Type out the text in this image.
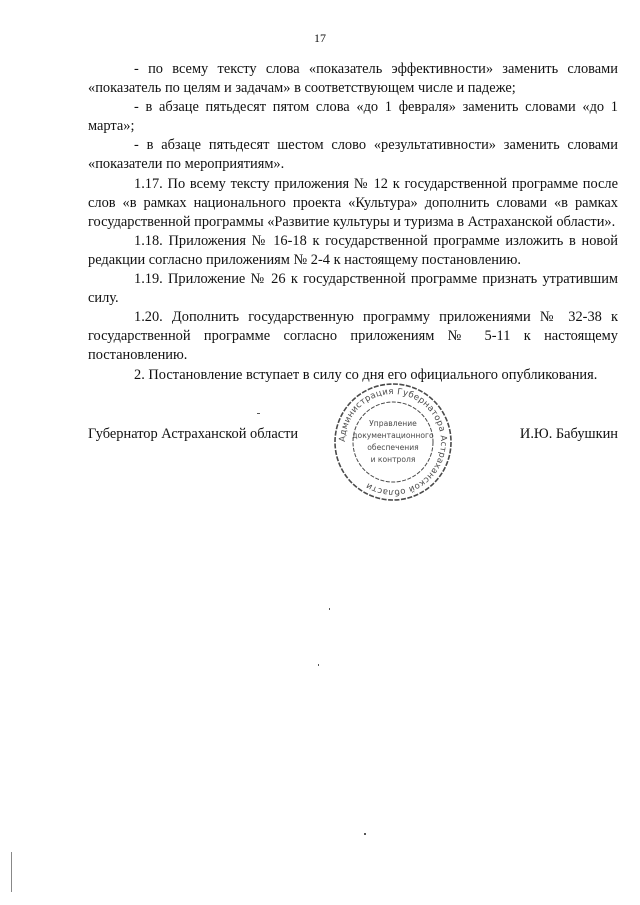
17

- по всему тексту слова «показатель эффективности» заменить словами «показатель по целям и задачам» в соответствующем числе и падеже;

- в абзаце пятьдесят пятом слова «до 1 февраля» заменить словами «до 1 марта»;

- в абзаце пятьдесят шестом слово «результативности» заменить словами «показатели по мероприятиям».

1.17. По всему тексту приложения № 12 к государственной программе после слов «в рамках национального проекта «Культура» дополнить словами «в рамках государственной программы «Развитие культуры и туризма в Астраханской области».

1.18. Приложения № 16-18 к государственной программе изложить в новой редакции согласно приложениям № 2-4 к настоящему постановлению.

1.19. Приложение № 26 к государственной программе признать утратившим силу.

1.20. Дополнить государственную программу приложениями № 32-38 к государственной программе согласно приложениям № 5-11 к настоящему постановлению.

2. Постановление вступает в силу со дня его официального опубликования.

Губернатор Астраханской области	И.Ю. Бабушкин
Администрация Губернатора Астраханской области
Управление
документационного
обеспечения
и контроля
